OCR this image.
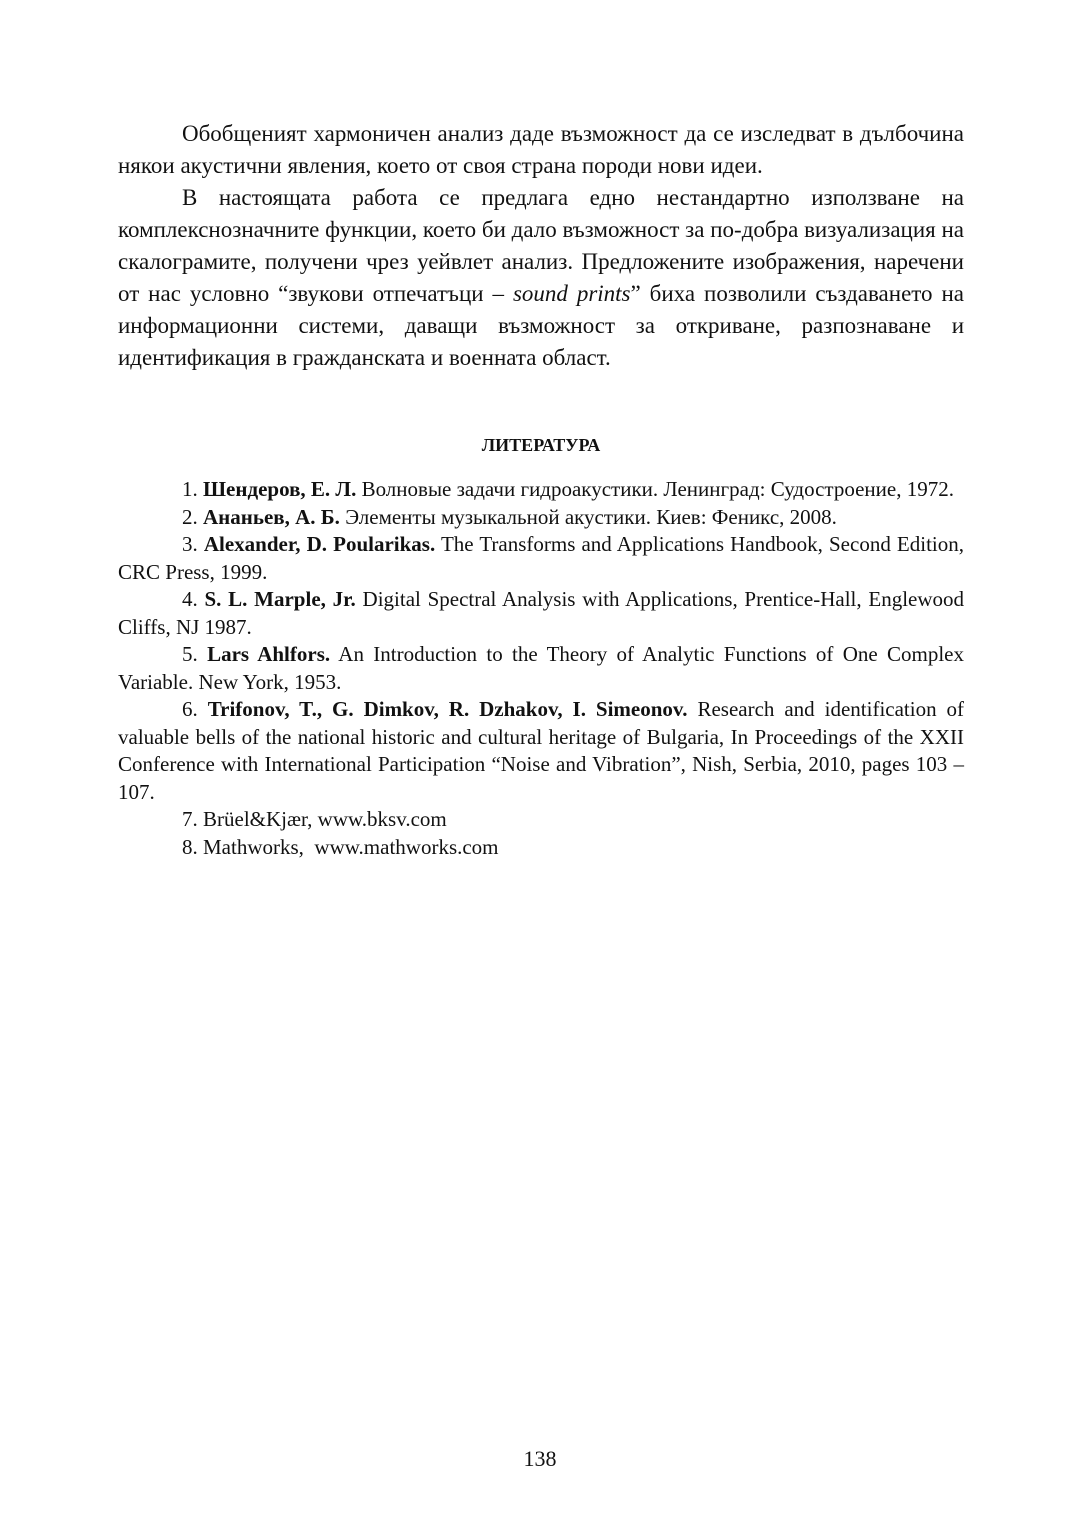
Обобщеният хармоничен анализ даде възможност да се изследват в дълбочина някои акустични явления, което от своя страна породи нови идеи.

В настоящата работа се предлага едно нестандартно използване на комплекснозначните функции, което би дало възможност за по-добра визуализация на скалограмите, получени чрез уейвлет анализ. Предложените изображения, наречени от нас условно “звукови отпечатъци – sound prints” биха позволили създаването на информационни системи, даващи възможност за откриване, разпознаване и идентификация в гражданската и военната област.

ЛИТЕРАТУРА

1. Шендеров, Е. Л. Волновые задачи гидроакустики. Ленинград: Судостроение, 1972.

2. Ананьев, А. Б. Элементы музыкальной акустики. Киев: Феникс, 2008.

3. Alexander, D. Poularikas. The Transforms and Applications Handbook, Second Edition, CRC Press, 1999.

4. S. L. Marple, Jr. Digital Spectral Analysis with Applications, Prentice-Hall, Englewood Cliffs, NJ 1987.

5. Lars Ahlfors. An Introduction to the Theory of Analytic Functions of One Complex Variable. New York, 1953.

6. Trifonov, T., G. Dimkov, R. Dzhakov, I. Simeonov. Research and identification of valuable bells of the national historic and cultural heritage of Bulgaria, In Proceedings of the XXII Conference with International Participation “Noise and Vibration”, Nish, Serbia, 2010, pages 103 – 107.

7. Brüel&Kjær, www.bksv.com

8. Mathworks,  www.mathworks.com

138
